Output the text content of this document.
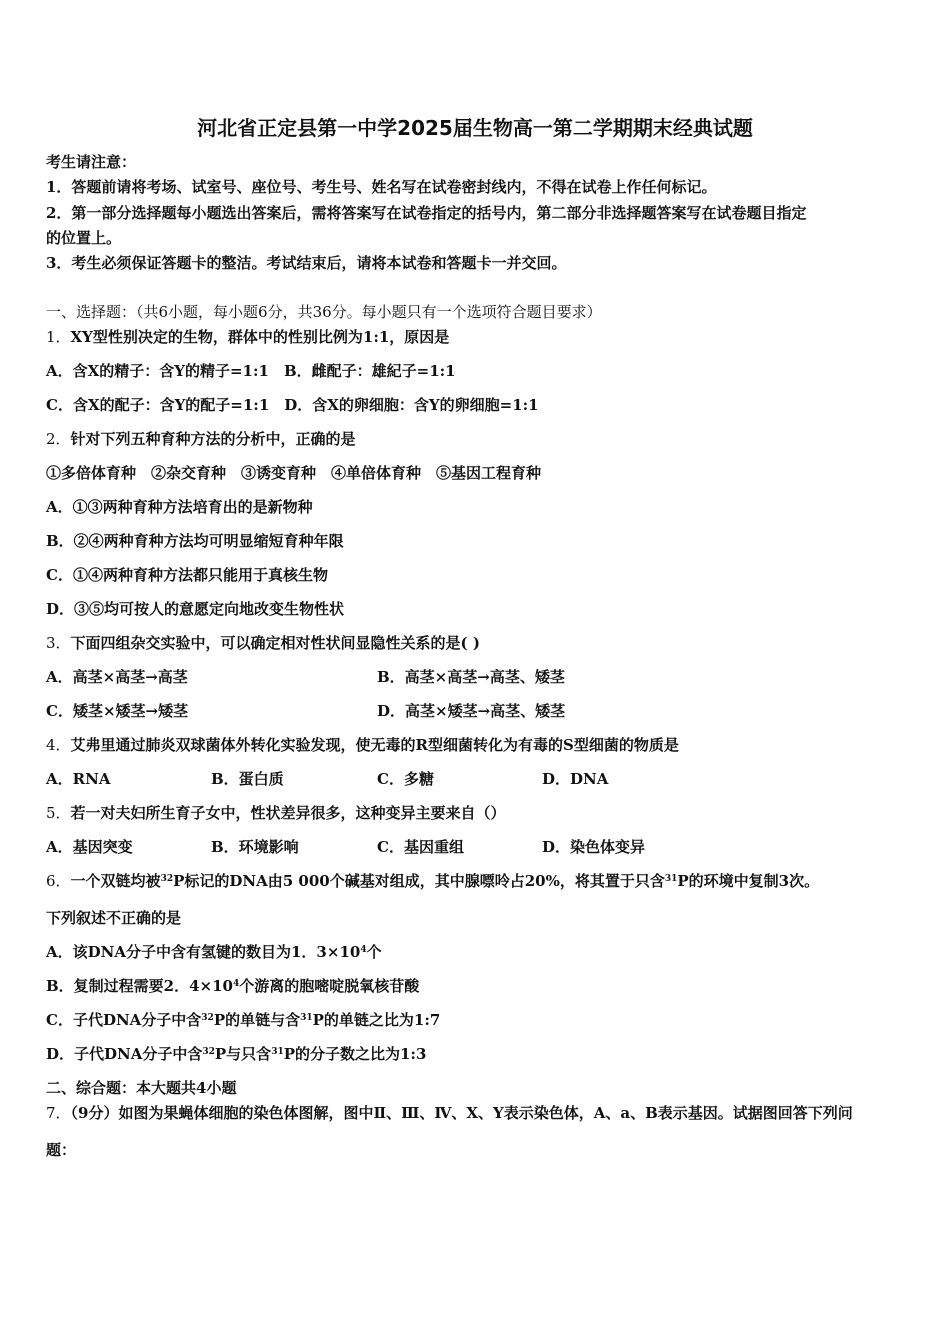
河北省正定县第一中学2025届生物高一第二学期期末经典试题
考生请注意：
1．答题前请将考场、试室号、座位号、考生号、姓名写在试卷密封线内，不得在试卷上作任何标记。
2．第一部分选择题每小题选出答案后，需将答案写在试卷指定的括号内，第二部分非选择题答案写在试卷题目指定
的位置上。
3．考生必须保证答题卡的整洁。考试结束后，请将本试卷和答题卡一并交回。
一、选择题：（共6小题，每小题6分，共36分。每小题只有一个选项符合题目要求）
1．XY型性别决定的生物，群体中的性别比例为1:1，原因是
A．含X的精子：含Y的精子=1:1　B．雌配子：雄紀子=1:1
C．含X的配子：含Y的配子=1:1　D．含X的卵细胞：含Y的卵细胞=1:1
2．针对下列五种育种方法的分析中，正确的是
①多倍体育种　②杂交育种　③诱变育种　④单倍体育种　⑤基因工程育种
A．①③两种育种方法培育出的是新物种
B．②④两种育种方法均可明显缩短育种年限
C．①④两种育种方法都只能用于真核生物
D．③⑤均可按人的意愿定向地改变生物性状
3．下面四组杂交实验中，可以确定相对性状间显隐性关系的是( )
A．高茎×高茎→高茎	B．高茎×高茎→高茎、矮茎
C．矮茎×矮茎→矮茎	D．高茎×矮茎→高茎、矮茎
4．艾弗里通过肺炎双球菌体外转化实验发现，使无毒的R型细菌转化为有毒的S型细菌的物质是
A．RNA	B．蛋白质	C．多糖	D．DNA
5．若一对夫妇所生育子女中，性状差异很多，这种变异主要来自（）
A．基因突变	B．环境影响	C．基因重组	D．染色体变异
6．一个双链均被$^{32}$P标记的DNA由5 000个碱基对组成，其中腺嘌呤占20%，将其置于只含$^{31}$P的环境中复制3次。
下列叙述不正确的是
A．该DNA分子中含有氢键的数目为1．$3\times 10^4$个
B．复制过程需要2．$4\times 10^4$个游离的胞嘧啶脱氧核苷酸
C．子代DNA分子中含$^{32}$P的单链与含$^{31}$P的单链之比为1:7
D．子代DNA分子中含$^{32}$P与只含$^{31}$P的分子数之比为1:3
二、综合题：本大题共4小题
7．（9分）如图为果蝇体细胞的染色体图解，图中Ⅱ、Ⅲ、Ⅳ、X、Y表示染色体，A、a、B表示基因。试据图回答下列问
题：
